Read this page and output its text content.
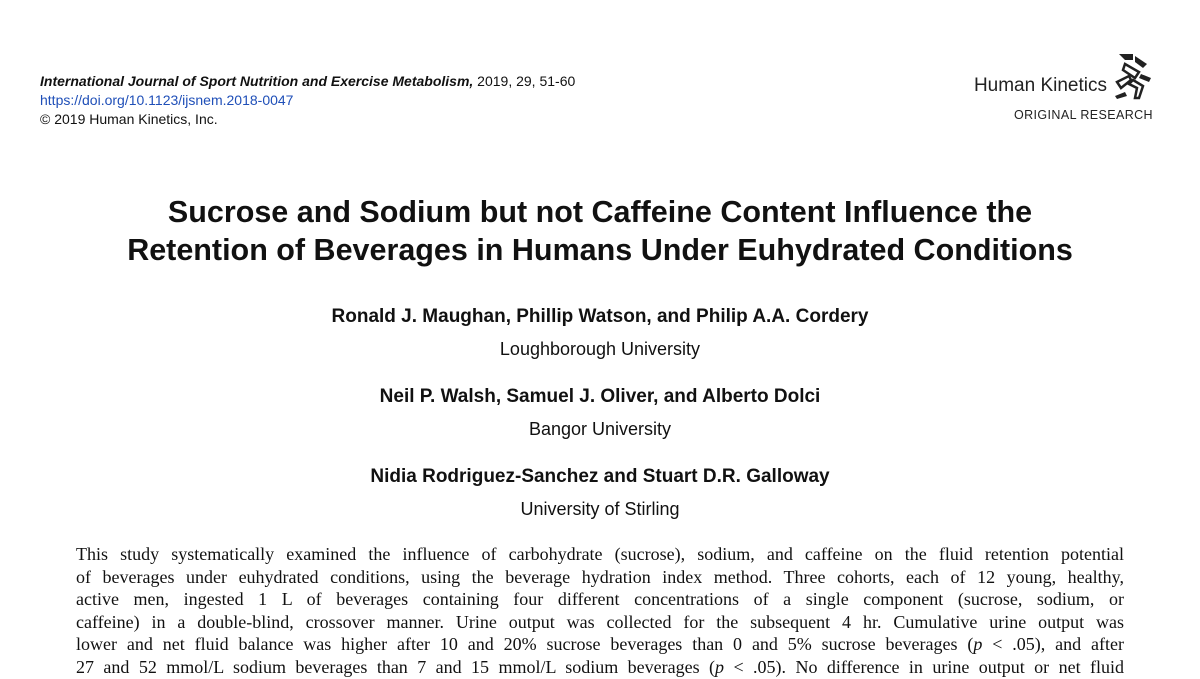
International Journal of Sport Nutrition and Exercise Metabolism, 2019, 29, 51-60
https://doi.org/10.1123/ijsnem.2018-0047
© 2019 Human Kinetics, Inc.
Human Kinetics
ORIGINAL RESEARCH
Sucrose and Sodium but not Caffeine Content Influence the
Retention of Beverages in Humans Under Euhydrated Conditions
Ronald J. Maughan, Phillip Watson, and Philip A.A. Cordery
Loughborough University
Neil P. Walsh, Samuel J. Oliver, and Alberto Dolci
Bangor University
Nidia Rodriguez-Sanchez and Stuart D.R. Galloway
University of Stirling
This study systematically examined the influence of carbohydrate (sucrose), sodium, and caffeine on the fluid retention potential
of beverages under euhydrated conditions, using the beverage hydration index method. Three cohorts, each of 12 young, healthy,
active men, ingested 1 L of beverages containing four different concentrations of a single component (sucrose, sodium, or
caffeine) in a double-blind, crossover manner. Urine output was collected for the subsequent 4 hr. Cumulative urine output was
lower and net fluid balance was higher after 10 and 20% sucrose beverages than 0 and 5% sucrose beverages (p < .05), and after
27 and 52 mmol/L sodium beverages than 7 and 15 mmol/L sodium beverages (p < .05). No difference in urine output or net fluid
